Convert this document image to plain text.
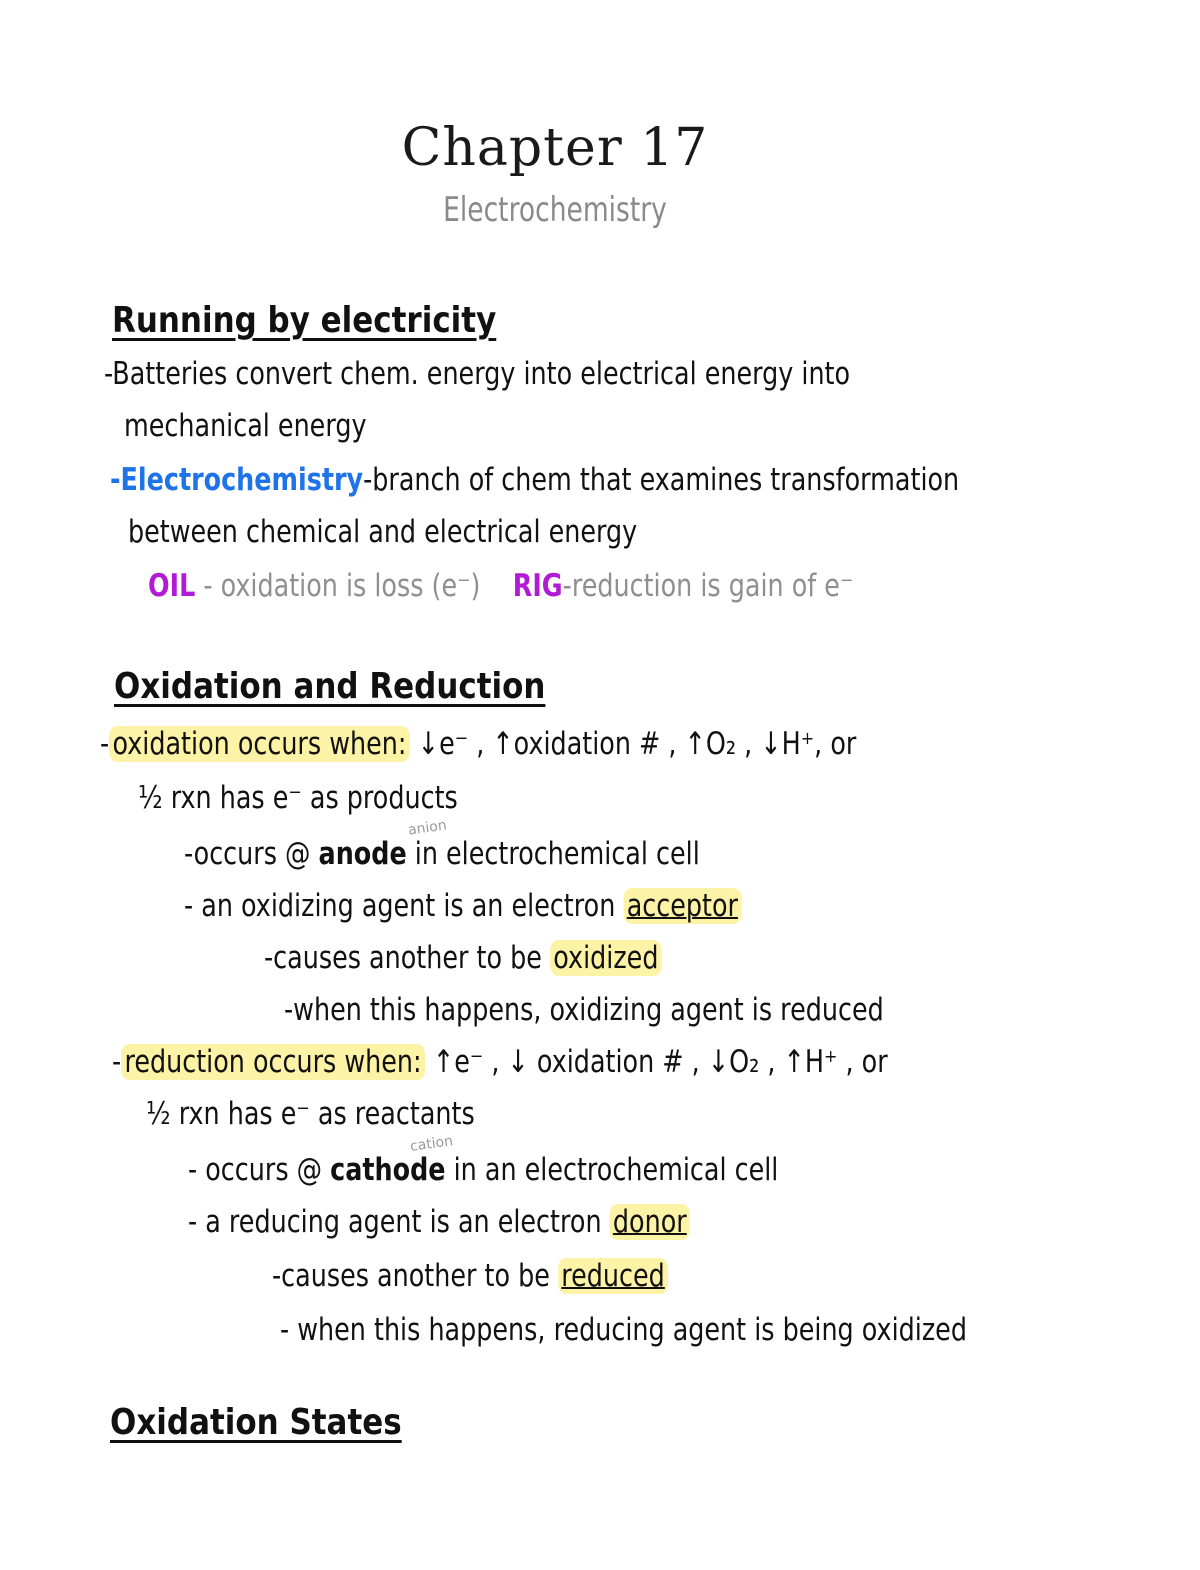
Chapter 17
Electrochemistry
Running by electricity
-Batteries convert chem. energy into electrical energy into
mechanical energy
-Electrochemistry-branch of chem that examines transformation
between chemical and electrical energy
OIL - oxidation is loss (e⁻) RIG-reduction is gain of e⁻
Oxidation and Reduction
- oxidation occurs when: ↓e⁻ , ↑oxidation # , ↑O₂ , ↓H⁺, or
½ rxn has e⁻ as products
anion
-occurs @ anode in electrochemical cell
- an oxidizing agent is an electron acceptor
-causes another to be oxidized
-when this happens, oxidizing agent is reduced
- reduction occurs when: ↑e⁻ , ↓ oxidation # , ↓O₂ , ↑H⁺ , or
½ rxn has e⁻ as reactants
cation
- occurs @ cathode in an electrochemical cell
- a reducing agent is an electron donor
-causes another to be reduced
- when this happens, reducing agent is being oxidized
Oxidation States
